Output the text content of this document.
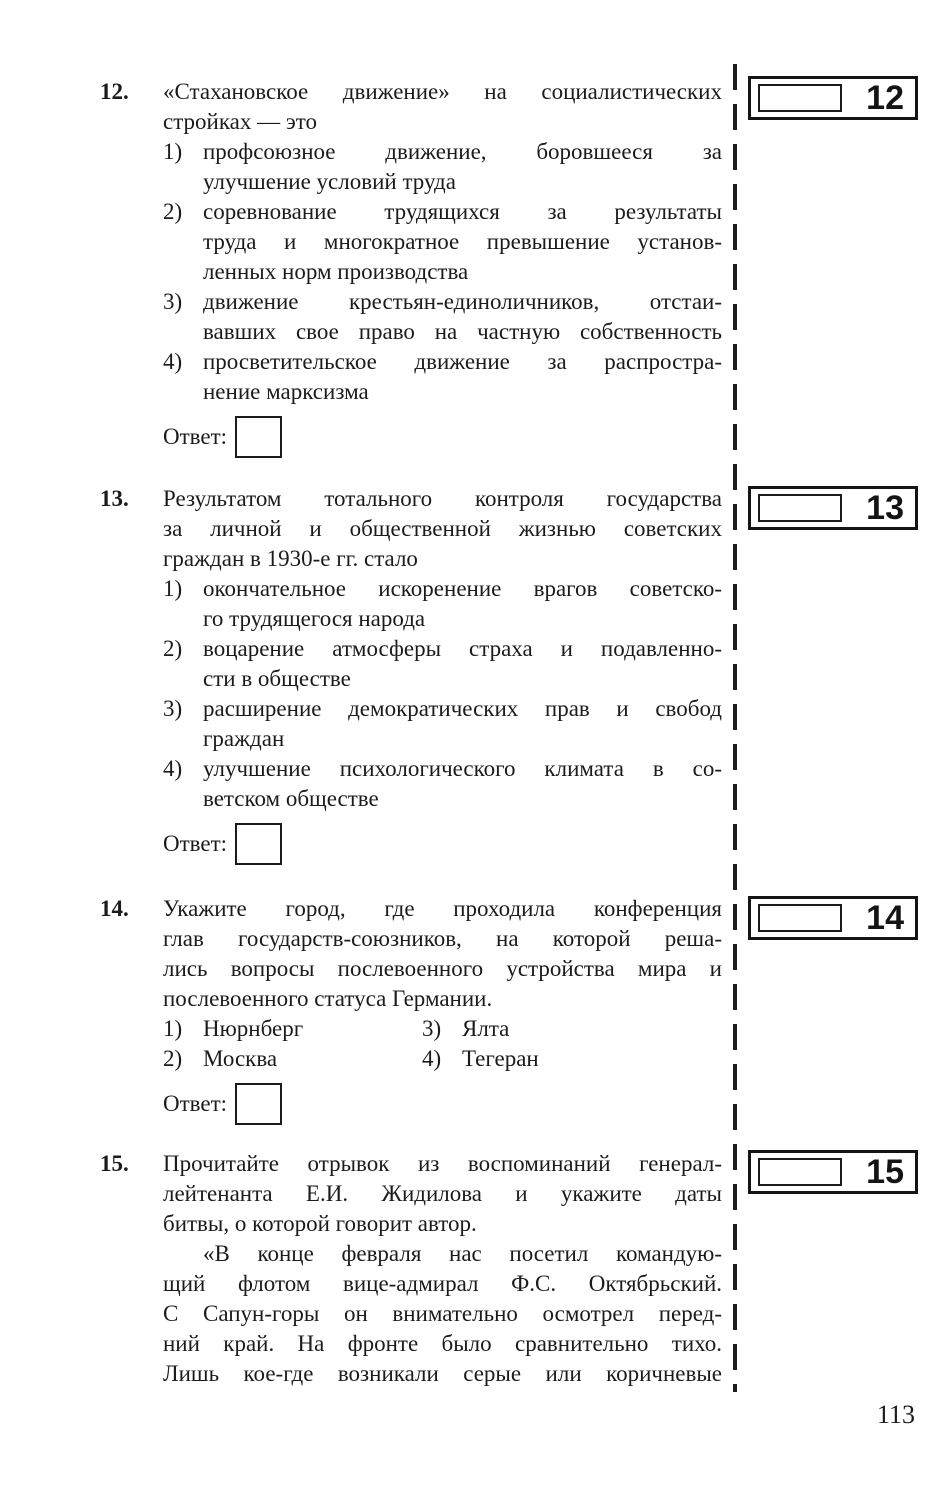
12. «Стахановское движение» на социалистических
стройках — это
1) профсоюзное движение, боровшееся за
улучшение условий труда
2) соревнование трудящихся за результаты
труда и многократное превышение установ-
ленных норм производства
3) движение крестьян-единоличников, отстаи-
вавших свое право на частную собственность
4) просветительское движение за распростра-
нение марксизма
Ответ:
13. Результатом тотального контроля государства
за личной и общественной жизнью советских
граждан в 1930-е гг. стало
1) окончательное искоренение врагов советско-
го трудящегося народа
2) воцарение атмосферы страха и подавленно-
сти в обществе
3) расширение демократических прав и свобод
граждан
4) улучшение психологического климата в со-
ветском обществе
Ответ:
14. Укажите город, где проходила конференция
глав государств-союзников, на которой реша-
лись вопросы послевоенного устройства мира и
послевоенного статуса Германии.
1) Нюрнберг	3) Ялта
2) Москва	4) Тегеран
Ответ:
15. Прочитайте отрывок из воспоминаний генерал-
лейтенанта Е.И. Жидилова и укажите даты
битвы, о которой говорит автор.
«В конце февраля нас посетил командую-
щий флотом вице-адмирал Ф.С. Октябрьский.
С Сапун-горы он внимательно осмотрел перед-
ний край. На фронте было сравнительно тихо.
Лишь кое-где возникали серые или коричневые
12
13
14
15
113
